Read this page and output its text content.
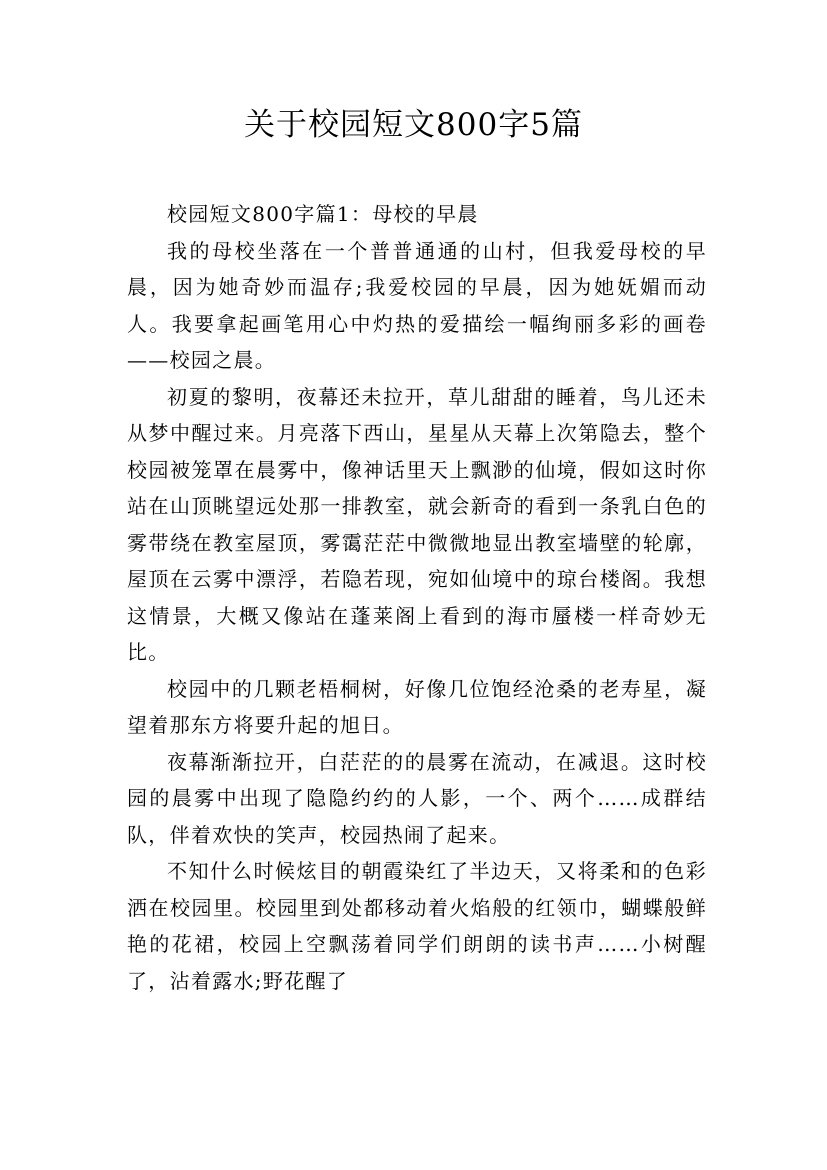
关于校园短文800字5篇

校园短文800字篇1：母校的早晨

我的母校坐落在一个普普通通的山村，但我爱母校的早晨，因为她奇妙而温存;我爱校园的早晨，因为她妩媚而动人。我要拿起画笔用心中灼热的爱描绘一幅绚丽多彩的画卷——校园之晨。

初夏的黎明，夜幕还未拉开，草儿甜甜的睡着，鸟儿还未从梦中醒过来。月亮落下西山，星星从天幕上次第隐去，整个校园被笼罩在晨雾中，像神话里天上飘渺的仙境，假如这时你站在山顶眺望远处那一排教室，就会新奇的看到一条乳白色的雾带绕在教室屋顶，雾霭茫茫中微微地显出教室墙壁的轮廓，屋顶在云雾中漂浮，若隐若现，宛如仙境中的琼台楼阁。我想这情景，大概又像站在蓬莱阁上看到的海市蜃楼一样奇妙无比。

校园中的几颗老梧桐树，好像几位饱经沧桑的老寿星，凝望着那东方将要升起的旭日。

夜幕渐渐拉开，白茫茫的的晨雾在流动，在减退。这时校园的晨雾中出现了隐隐约约的人影，一个、两个……成群结队，伴着欢快的笑声，校园热闹了起来。

不知什么时候炫目的朝霞染红了半边天，又将柔和的色彩洒在校园里。校园里到处都移动着火焰般的红领巾，蝴蝶般鲜艳的花裙，校园上空飘荡着同学们朗朗的读书声……小树醒了，沾着露水;野花醒了
